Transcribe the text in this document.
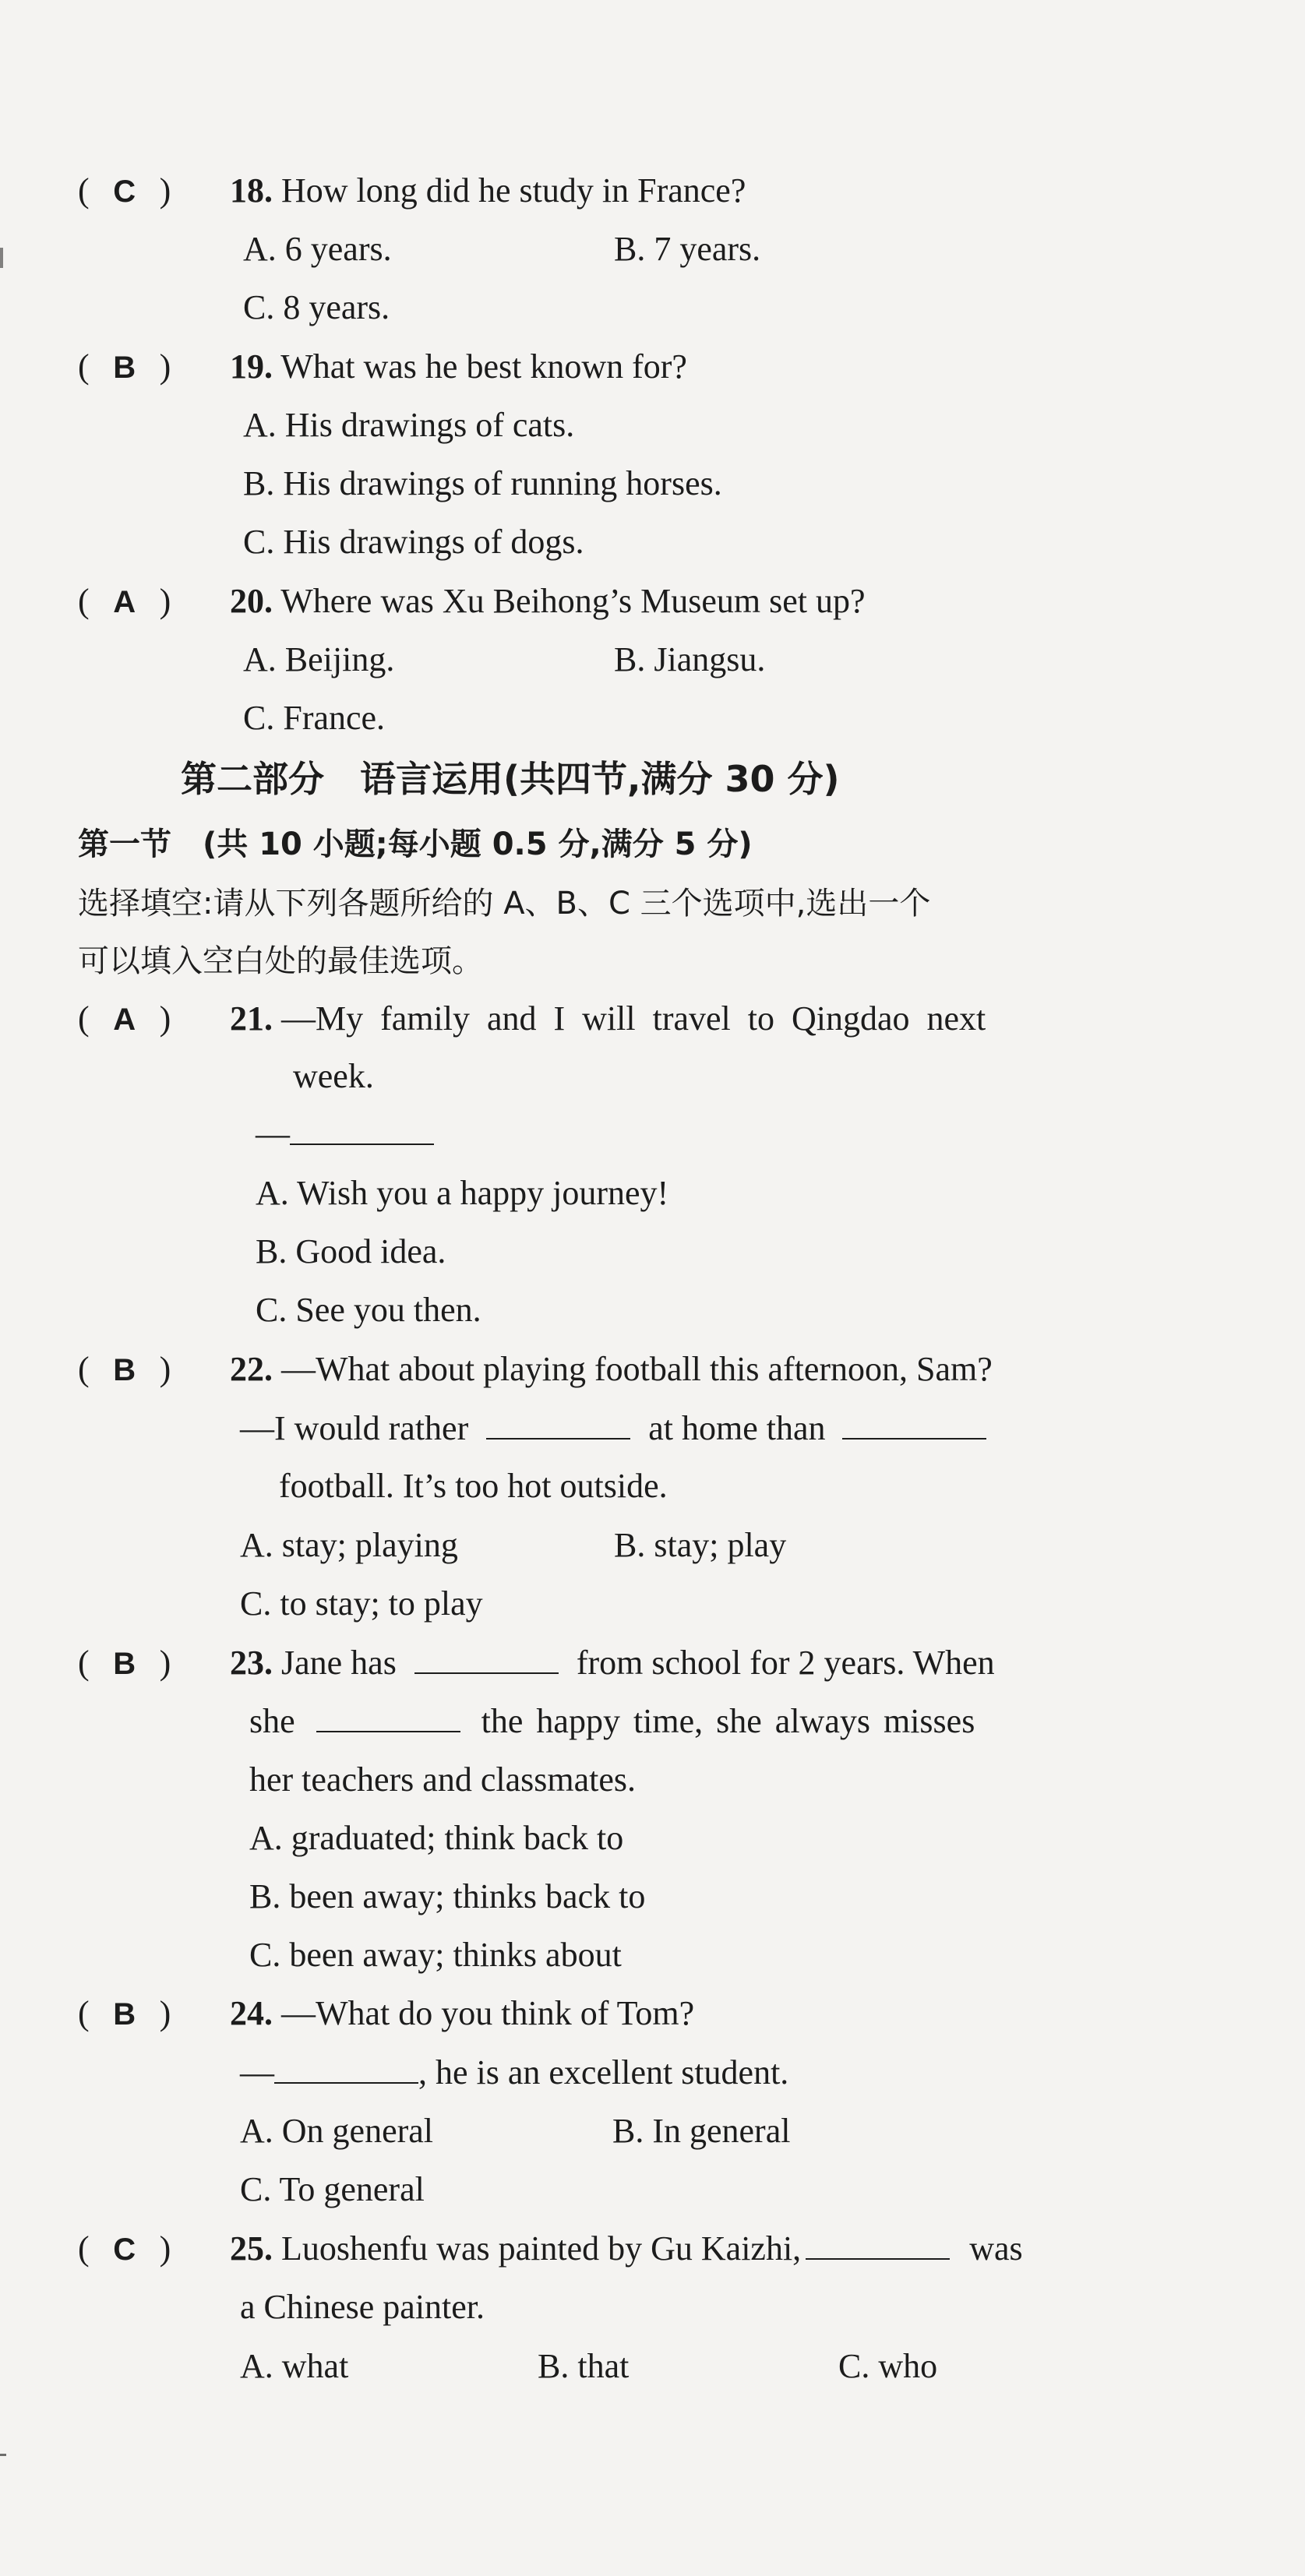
( C ) 18. How long did he study in France?
A. 6 years.	B. 7 years.
C. 8 years.
( B ) 19. What was he best known for?
A. His drawings of cats.
B. His drawings of running horses.
C. His drawings of dogs.
( A ) 20. Where was Xu Beihong’s Museum set up?
A. Beijing.	B. Jiangsu.
C. France.
第二部分　语言运用(共四节,满分 30 分)
第一节　(共 10 小题;每小题 0.5 分,满分 5 分)
选择填空:请从下列各题所给的 A、B、C 三个选项中,选出一个
可以填入空白处的最佳选项。
( A ) 21. —My family and I will travel to Qingdao next
week.
—
A. Wish you a happy journey!
B. Good idea.
C. See you then.
( B ) 22. —What about playing football this afternoon, Sam?
—I would rather	at home than
football. It’s too hot outside.
A. stay; playing	B. stay; play
C. to stay; to play
( B ) 23. Jane has	from school for 2 years. When
she	the happy time, she always misses
her teachers and classmates.
A. graduated; think back to
B. been away; thinks back to
C. been away; thinks about
( B ) 24. —What do you think of Tom?
—	, he is an excellent student.
A. On general	B. In general
C. To general
( C ) 25. Luoshenfu was painted by Gu Kaizhi,	was
a Chinese painter.
A. what	B. that	C. who
